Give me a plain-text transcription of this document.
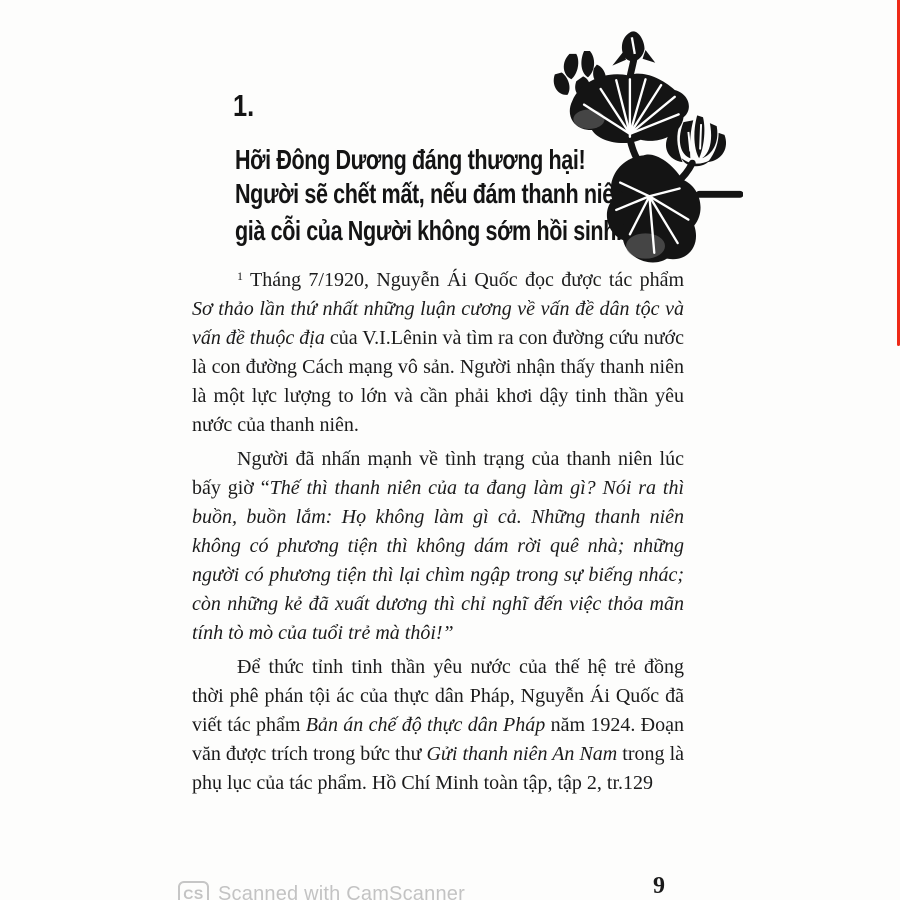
1.
Hỡi Đông Dương đáng thương hại!
Người sẽ chết mất, nếu đám thanh niên
già cỗi của Người không sớm hồi sinh.$^1$

$^1$ Tháng 7/1920, Nguyễn Ái Quốc đọc được tác phẩm Sơ thảo lần thứ nhất những luận cương về vấn đề dân tộc và vấn đề thuộc địa của V.I.Lênin và tìm ra con đường cứu nước là con đường Cách mạng vô sản. Người nhận thấy thanh niên là một lực lượng to lớn và cần phải khơi dậy tinh thần yêu nước của thanh niên.

Người đã nhấn mạnh về tình trạng của thanh niên lúc bấy giờ “Thế thì thanh niên của ta đang làm gì? Nói ra thì buồn, buồn lắm: Họ không làm gì cả. Những thanh niên không có phương tiện thì không dám rời quê nhà; những người có phương tiện thì lại chìm ngập trong sự biếng nhác; còn những kẻ đã xuất dương thì chỉ nghĩ đến việc thỏa mãn tính tò mò của tuổi trẻ mà thôi!”

Để thức tỉnh tinh thần yêu nước của thế hệ trẻ đồng thời phê phán tội ác của thực dân Pháp, Nguyễn Ái Quốc đã viết tác phẩm Bản án chế độ thực dân Pháp năm 1924. Đoạn văn được trích trong bức thư Gửi thanh niên An Nam trong là phụ lục của tác phẩm. Hồ Chí Minh toàn tập, tập 2, tr.129

CS Scanned with CamScanner	9
